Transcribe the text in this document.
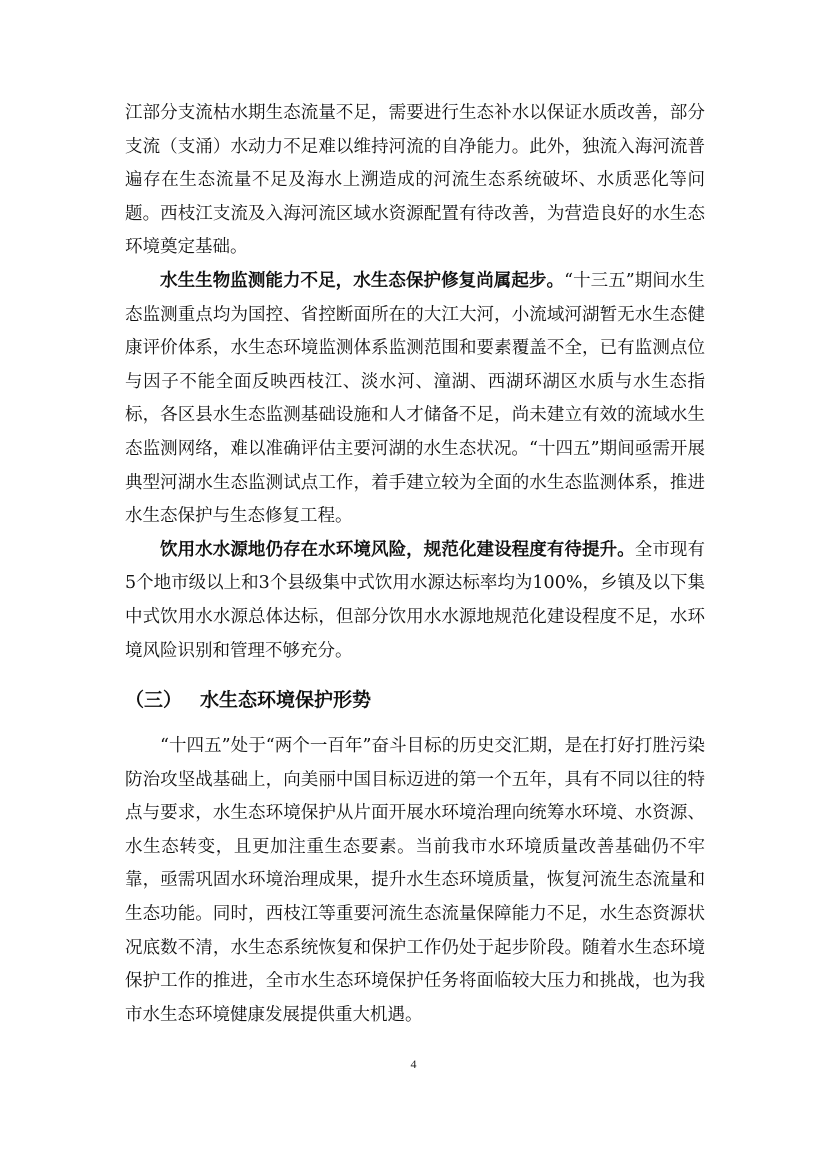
江部分支流枯水期生态流量不足，需要进行生态补水以保证水质改善，部分支流（支涌）水动力不足难以维持河流的自净能力。此外，独流入海河流普遍存在生态流量不足及海水上溯造成的河流生态系统破坏、水质恶化等问题。西枝江支流及入海河流区域水资源配置有待改善，为营造良好的水生态环境奠定基础。

水生生物监测能力不足，水生态保护修复尚属起步。“十三五”期间水生态监测重点均为国控、省控断面所在的大江大河，小流域河湖暂无水生态健康评价体系，水生态环境监测体系监测范围和要素覆盖不全，已有监测点位与因子不能全面反映西枝江、淡水河、潼湖、西湖环湖区水质与水生态指标，各区县水生态监测基础设施和人才储备不足，尚未建立有效的流域水生态监测网络，难以准确评估主要河湖的水生态状况。“十四五”期间亟需开展典型河湖水生态监测试点工作，着手建立较为全面的水生态监测体系，推进水生态保护与生态修复工程。

饮用水水源地仍存在水环境风险，规范化建设程度有待提升。全市现有5个地市级以上和3个县级集中式饮用水源达标率均为100%，乡镇及以下集中式饮用水水源总体达标，但部分饮用水水源地规范化建设程度不足，水环境风险识别和管理不够充分。

（三） 水生态环境保护形势

“十四五”处于“两个一百年”奋斗目标的历史交汇期，是在打好打胜污染防治攻坚战基础上，向美丽中国目标迈进的第一个五年，具有不同以往的特点与要求，水生态环境保护从片面开展水环境治理向统筹水环境、水资源、水生态转变，且更加注重生态要素。当前我市水环境质量改善基础仍不牢靠，亟需巩固水环境治理成果，提升水生态环境质量，恢复河流生态流量和生态功能。同时，西枝江等重要河流生态流量保障能力不足，水生态资源状况底数不清，水生态系统恢复和保护工作仍处于起步阶段。随着水生态环境保护工作的推进，全市水生态环境保护任务将面临较大压力和挑战，也为我市水生态环境健康发展提供重大机遇。

4
